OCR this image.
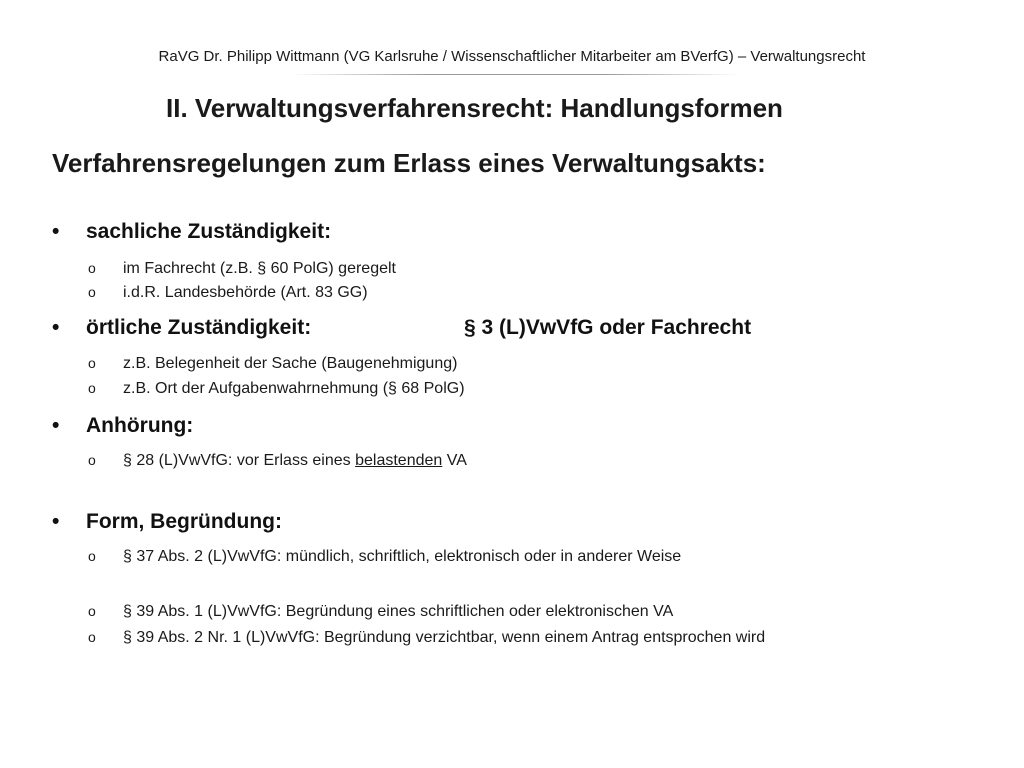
RaVG Dr. Philipp Wittmann (VG Karlsruhe / Wissenschaftlicher Mitarbeiter am BVerfG) – Verwaltungsrecht
II. Verwaltungsverfahrensrecht: Handlungsformen
Verfahrensregelungen zum Erlass eines Verwaltungsakts:
• sachliche Zuständigkeit:
o im Fachrecht (z.B. § 60 PolG) geregelt
o i.d.R. Landesbehörde (Art. 83 GG)
• örtliche Zuständigkeit:	§ 3 (L)VwVfG oder Fachrecht
o z.B. Belegenheit der Sache (Baugenehmigung)
o z.B. Ort der Aufgabenwahrnehmung (§ 68 PolG)
• Anhörung:
o § 28 (L)VwVfG: vor Erlass eines belastenden VA
• Form, Begründung:
o § 37 Abs. 2 (L)VwVfG: mündlich, schriftlich, elektronisch oder in anderer Weise
o § 39 Abs. 1 (L)VwVfG: Begründung eines schriftlichen oder elektronischen VA
o § 39 Abs. 2 Nr. 1 (L)VwVfG: Begründung verzichtbar, wenn einem Antrag entsprochen wird
